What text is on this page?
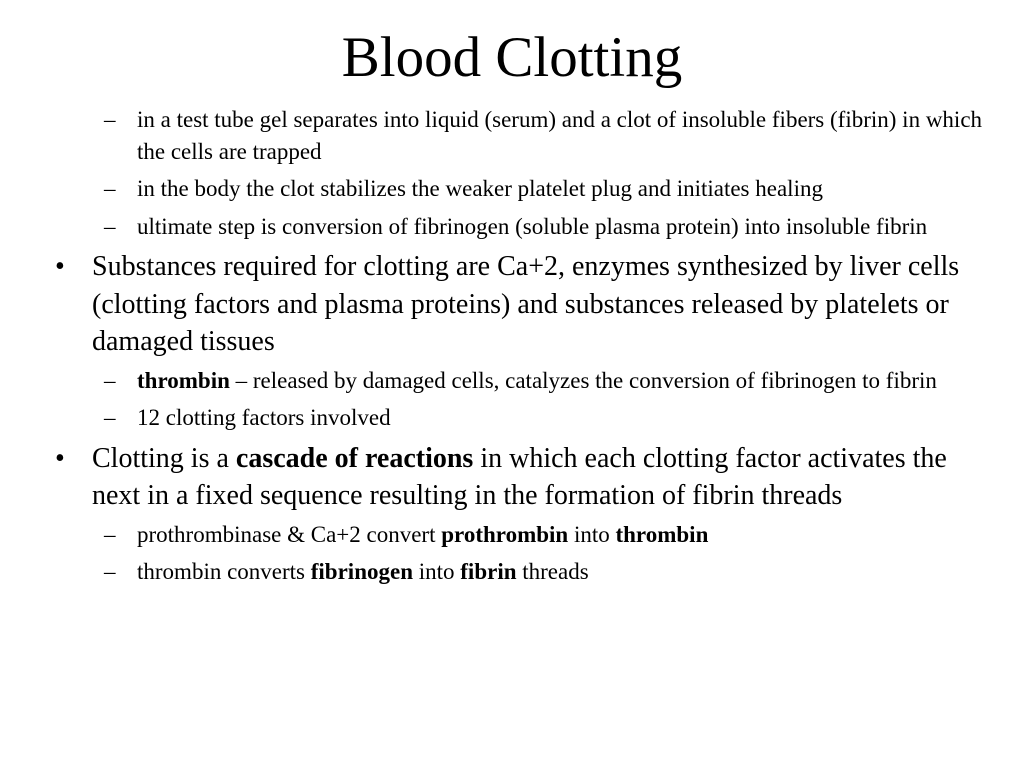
Blood Clotting
– in a test tube gel separates into liquid (serum) and a clot of insoluble fibers (fibrin) in which the cells are trapped
– in the body the clot stabilizes the weaker platelet plug and initiates healing
– ultimate step is conversion of fibrinogen (soluble plasma protein) into insoluble fibrin
• Substances required for clotting are Ca+2, enzymes synthesized by liver cells (clotting factors and plasma proteins) and substances released by platelets or damaged tissues
– thrombin – released by damaged cells, catalyzes the conversion of fibrinogen to fibrin
– 12 clotting factors involved
• Clotting is a cascade of reactions in which each clotting factor activates the next in a fixed sequence resulting in the formation of fibrin threads
– prothrombinase & Ca+2 convert prothrombin into thrombin
– thrombin converts fibrinogen into fibrin threads
